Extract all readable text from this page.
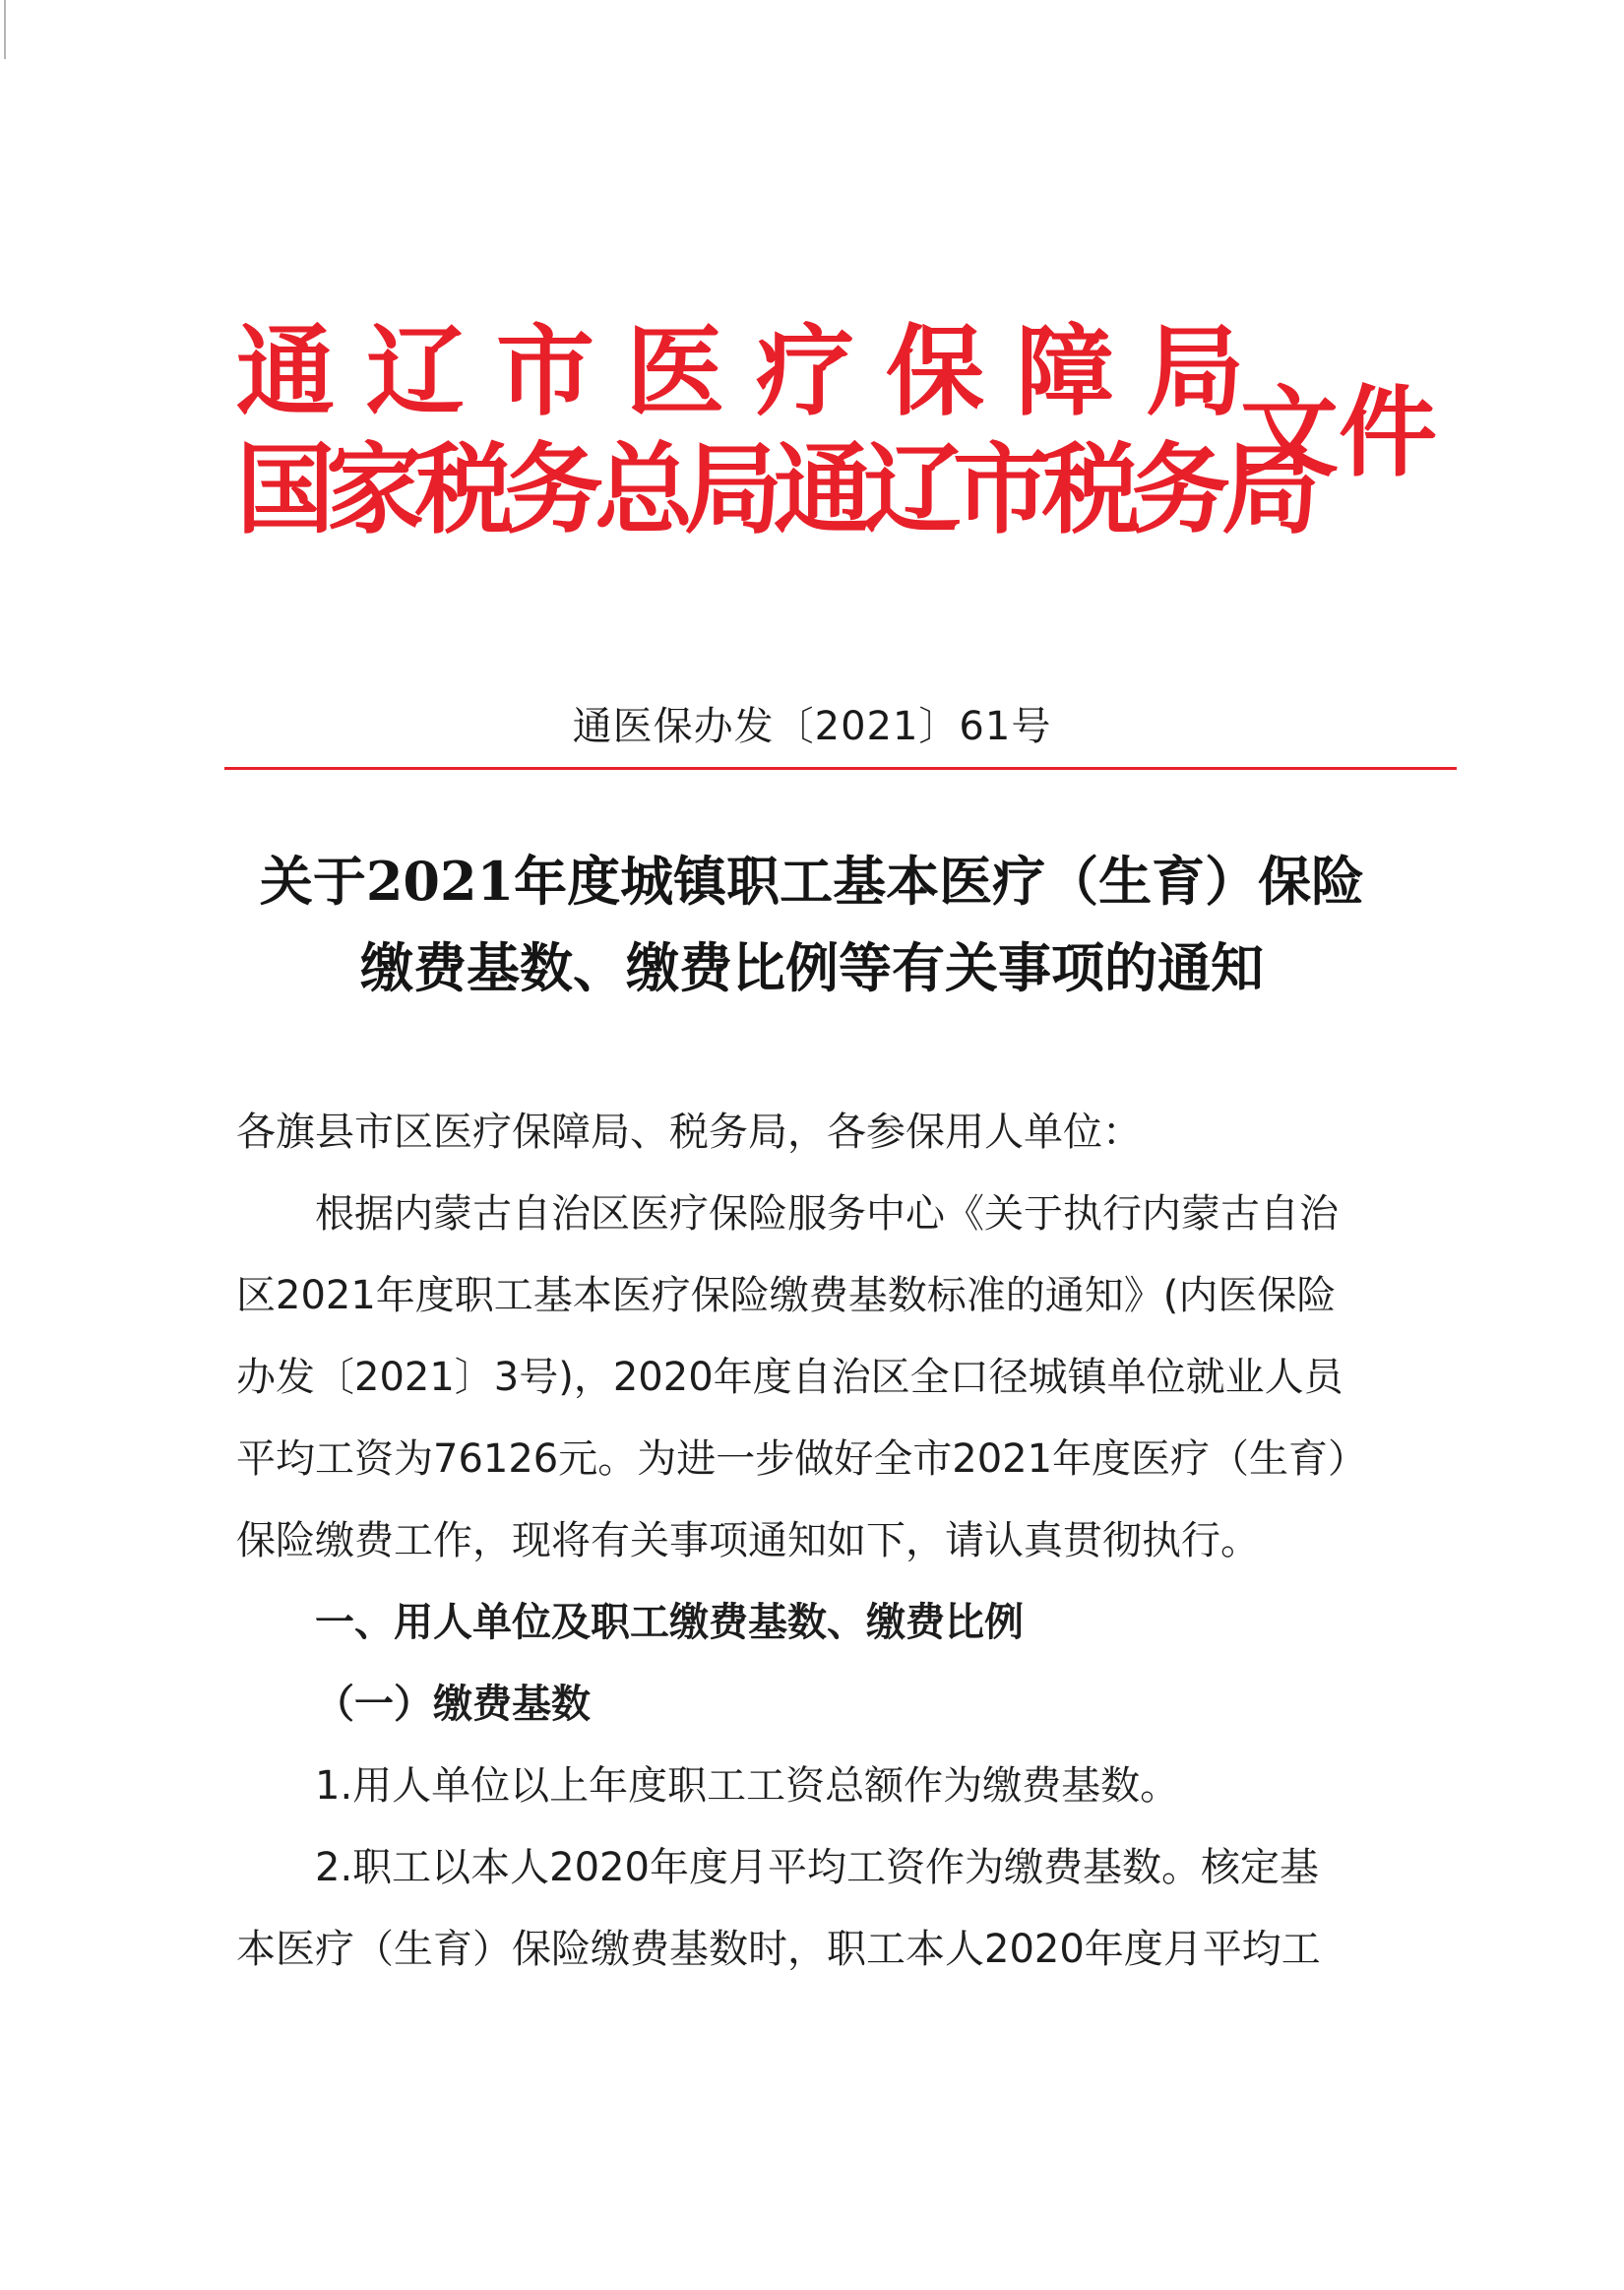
通辽市医疗保障局
国家税务总局通辽市税务局
文件
通医保办发〔2021〕61号
关于2021年度城镇职工基本医疗（生育）保险
缴费基数、缴费比例等有关事项的通知
各旗县市区医疗保障局、税务局，各参保用人单位：
根据内蒙古自治区医疗保险服务中心《关于执行内蒙古自治
区2021年度职工基本医疗保险缴费基数标准的通知》(内医保险
办发〔2021〕3号)，2020年度自治区全口径城镇单位就业人员
平均工资为76126元。为进一步做好全市2021年度医疗（生育）
保险缴费工作，现将有关事项通知如下，请认真贯彻执行。
一、用人单位及职工缴费基数、缴费比例
（一）缴费基数
1.用人单位以上年度职工工资总额作为缴费基数。
2.职工以本人2020年度月平均工资作为缴费基数。核定基
本医疗（生育）保险缴费基数时，职工本人2020年度月平均工
